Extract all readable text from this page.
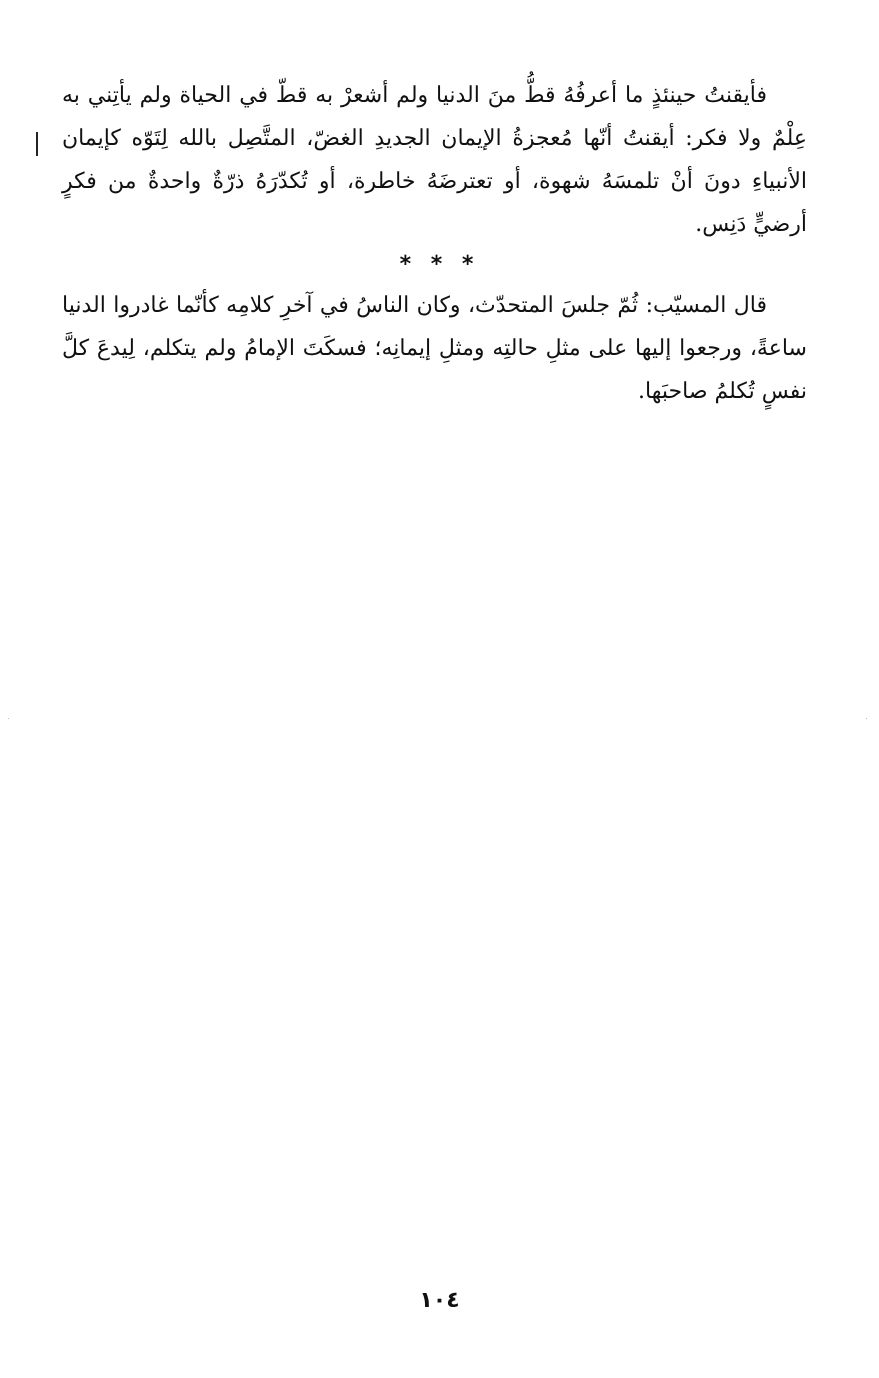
فأيقنتُ حينئذٍ ما أعرفُهُ قطُّ منَ الدنيا ولم أشعرْ به قطّ في الحياة ولم يأتِني به عِلْمٌ ولا فكر: أيقنتُ أنّها مُعجزةُ الإيمان الجديدِ الغضّ، المتَّصِل بالله لِتَوّه كإيمان الأنبياءِ دونَ أنْ تلمسَهُ شهوة، أو تعترضَهُ خاطرة، أو تُكدّرَهُ ذرّةٌ واحدةٌ من فكرٍ أرضيٍّ دَنِس.

* * *

قال المسيّب: ثُمّ جلسَ المتحدّث، وكان الناسُ في آخرِ كلامِه كأنّما غادروا الدنيا ساعةً، ورجعوا إليها على مثلِ حالتِه ومثلِ إيمانِه؛ فسكَتَ الإمامُ ولم يتكلم، لِيدعَ كلَّ نفسٍ تُكلمُ صاحبَها.

١٠٤
